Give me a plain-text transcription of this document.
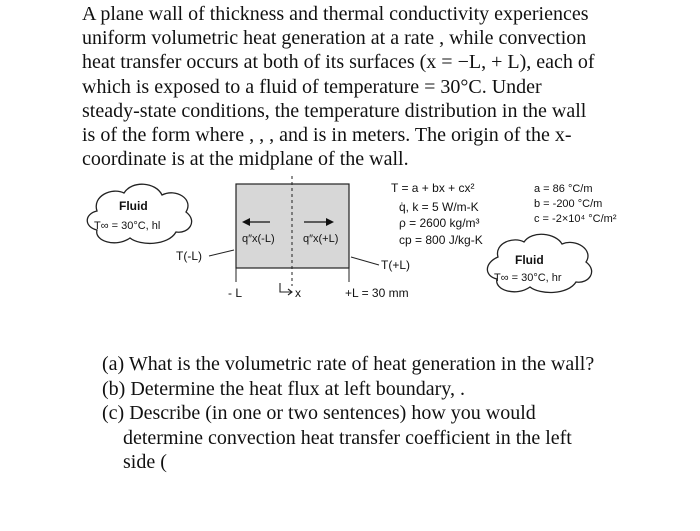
A plane wall of thickness and thermal conductivity experiences
uniform volumetric heat generation at a rate , while convection
heat transfer occurs at both of its surfaces (x = −L, + L), each of
which is exposed to a fluid of temperature = 30°C. Under
steady-state conditions, the temperature distribution in the wall
is of the form where , , , and is in meters. The origin of the x-
coordinate is at the midplane of the wall.
Fluid
T∞ = 30°C, hl
q″x(-L)	q″x(+L)
T(-L)
T(+L)
- L	x	+L = 30 mm
T = a + bx + cx²
q̇, k = 5 W/m-K
ρ = 2600 kg/m³
cp = 800 J/kg-K
a = 86 °C/m
b = -200 °C/m
c = -2×10⁴ °C/m²
Fluid
T∞ = 30°C, hr
(a) What is the volumetric rate of heat generation in the wall?
(b) Determine the heat flux at left boundary, .
(c) Describe (in one or two sentences) how you would
determine convection heat transfer coefficient in the left
side (
